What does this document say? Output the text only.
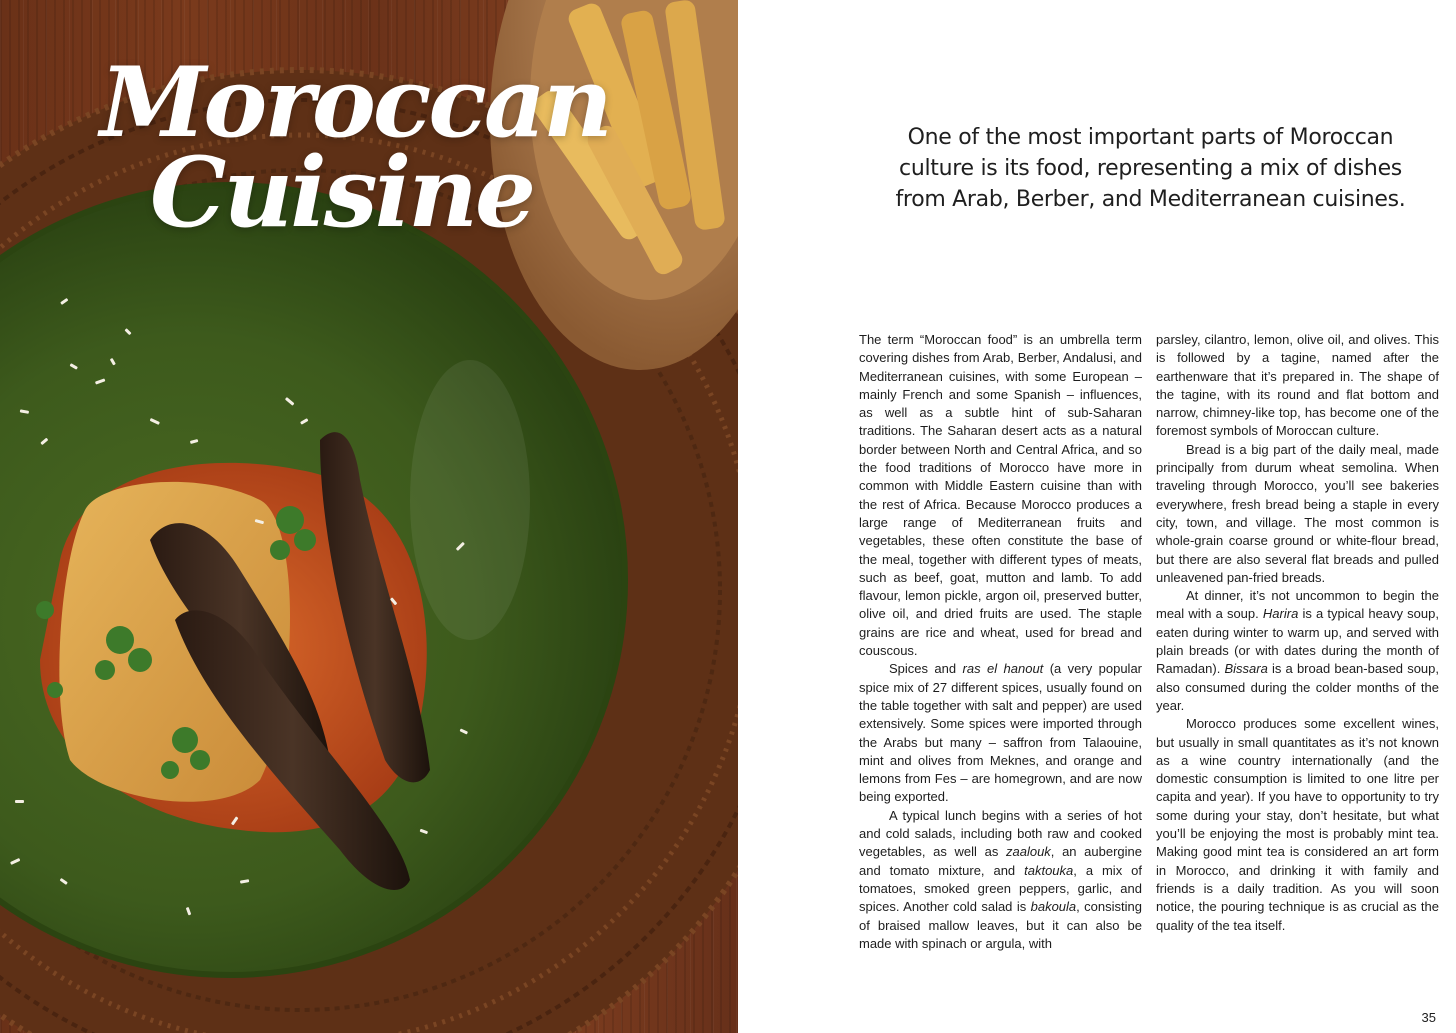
Moroccan
Cuisine	One of the most important parts of Moroccan culture is its food, representing a mix of dishes from Arab, Berber, and Mediterranean cuisines.

The term “Moroccan food” is an umbrella term covering dishes from Arab, Berber, Andalusi, and Mediterranean cuisines, with some European – mainly French and some Spanish – influences, as well as a subtle hint of sub-Saharan traditions. The Saharan desert acts as a natural border between North and Central Africa, and so the food traditions of Morocco have more in common with Middle Eastern cuisine than with the rest of Africa. Because Morocco produces a large range of Mediterranean fruits and vegetables, these often constitute the base of the meal, together with different types of meats, such as beef, goat, mutton and lamb. To add flavour, lemon pickle, argon oil, preserved butter, olive oil, and dried fruits are used. The staple grains are rice and wheat, used for bread and couscous.

Spices and ras el hanout (a very popular spice mix of 27 different spices, usually found on the table together with salt and pepper) are used extensively. Some spices were imported through the Arabs but many – saffron from Talaouine, mint and olives from Meknes, and orange and lemons from Fes – are homegrown, and are now being exported.

A typical lunch begins with a series of hot and cold salads, including both raw and cooked vegetables, as well as zaalouk, an aubergine and tomato mixture, and taktouka, a mix of tomatoes, smoked green peppers, garlic, and spices. Another cold salad is bakoula, consisting of braised mallow leaves, but it can also be made with spinach or argula, with

parsley, cilantro, lemon, olive oil, and olives. This is followed by a tagine, named after the earthenware that it’s prepared in. The shape of the tagine, with its round and flat bottom and narrow, chimney-like top, has become one of the foremost symbols of Moroccan culture.

Bread is a big part of the daily meal, made principally from durum wheat semolina. When traveling through Morocco, you’ll see bakeries everywhere, fresh bread being a staple in every city, town, and village. The most common is whole-grain coarse ground or white-flour bread, but there are also several flat breads and pulled unleavened pan-fried breads.

At dinner, it’s not uncommon to begin the meal with a soup. Harira is a typical heavy soup, eaten during winter to warm up, and served with plain breads (or with dates during the month of Ramadan). Bissara is a broad bean-based soup, also consumed during the colder months of the year.

Morocco produces some excellent wines, but usually in small quantitates as it’s not known as a wine country internationally (and the domestic consumption is limited to one litre per capita and year). If you have to opportunity to try some during your stay, don’t hesitate, but what you’ll be enjoying the most is probably mint tea. Making good mint tea is considered an art form in Morocco, and drinking it with family and friends is a daily tradition. As you will soon notice, the pouring technique is as crucial as the quality of the tea itself.

35
